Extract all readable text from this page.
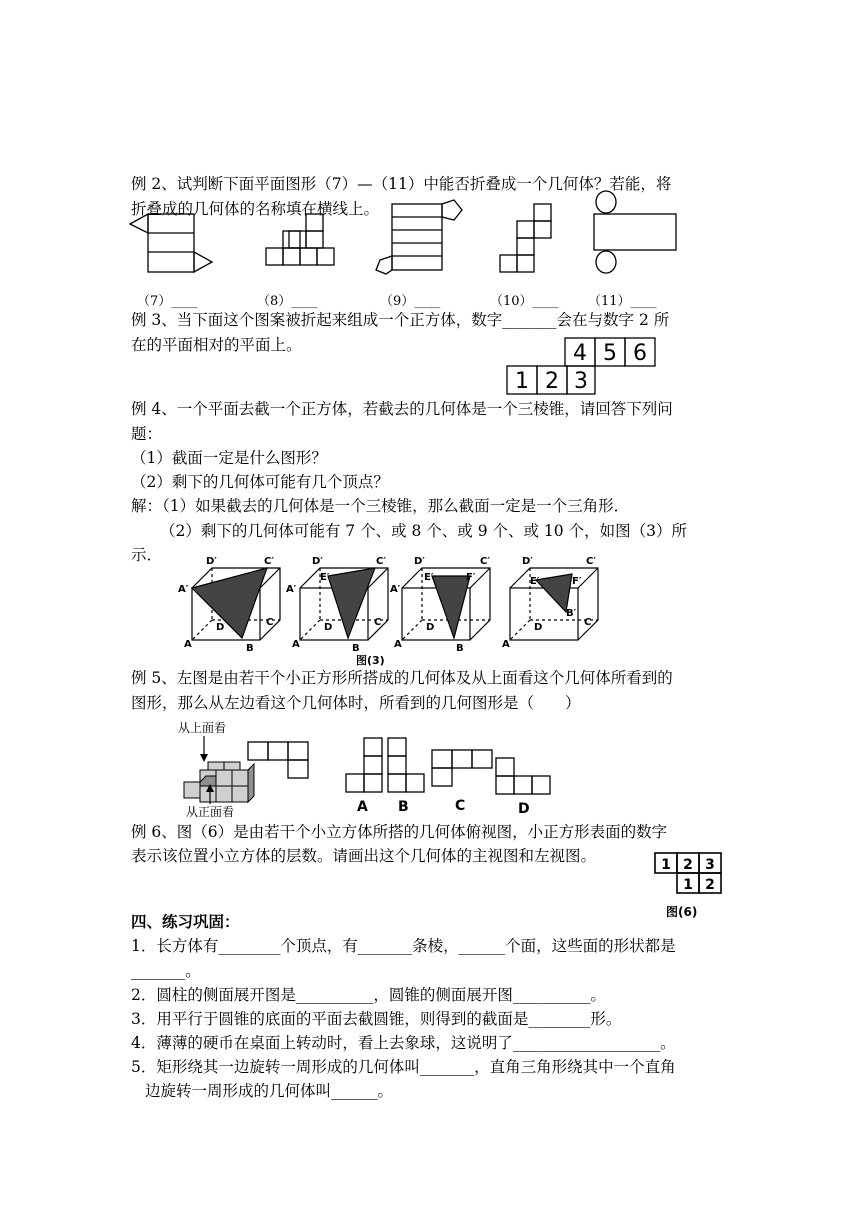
例 2、试判断下面平面图形（7）—（11）中能否折叠成一个几何体？若能，将
折叠成的几何体的名称填在横线上。
（7）____	（8）____	（9）____	（10）____ （11）____
例 3、当下面这个图案被折起来组成一个正方体，数字_______会在与数字 2 所
在的平面相对的平面上。	4 5 6
1 2 3
例 4、一个平面去截一个正方体，若截去的几何体是一个三棱锥，请回答下列问
题：
（1）截面一定是什么图形？
（2）剩下的几何体可能有几个顶点？
解：（1）如果截去的几何体是一个三棱锥，那么截面一定是一个三角形．
（2）剩下的几何体可能有 7 个、或 8 个、或 9 个、或 10 个，如图（3）所
示．
A′
D′	C′
D	C
A	B
A′
D′
E′
C′
D	C
A	B
A′
D′
E′	F′
C′
D
A	B
D′
E′	F′
C′
B′
D	C
A
图(3)
例 5、左图是由若干个小正方形所搭成的几何体及从上面看这个几何体所看到的
图形，那么从左边看这个几何体时，所看到的几何图形是（　　）
从上面看
从正面看	A B	C	D
例 6、图（6）是由若干个小立方体所搭的几何体俯视图，小正方形表面的数字
表示该位置小立方体的层数。请画出这个几何体的主视图和左视图。	1 2 3
1 2
图(6)
四、练习巩固：
1．长方体有________个顶点，有_______条棱，______个面，这些面的形状都是
_______。
2．圆柱的侧面展开图是__________，圆锥的侧面展开图__________。
3．用平行于圆锥的底面的平面去截圆锥，则得到的截面是________形。
4．薄薄的硬币在桌面上转动时，看上去象球，这说明了___________________。
5．矩形绕其一边旋转一周形成的几何体叫_______，直角三角形绕其中一个直角
边旋转一周形成的几何体叫______。
